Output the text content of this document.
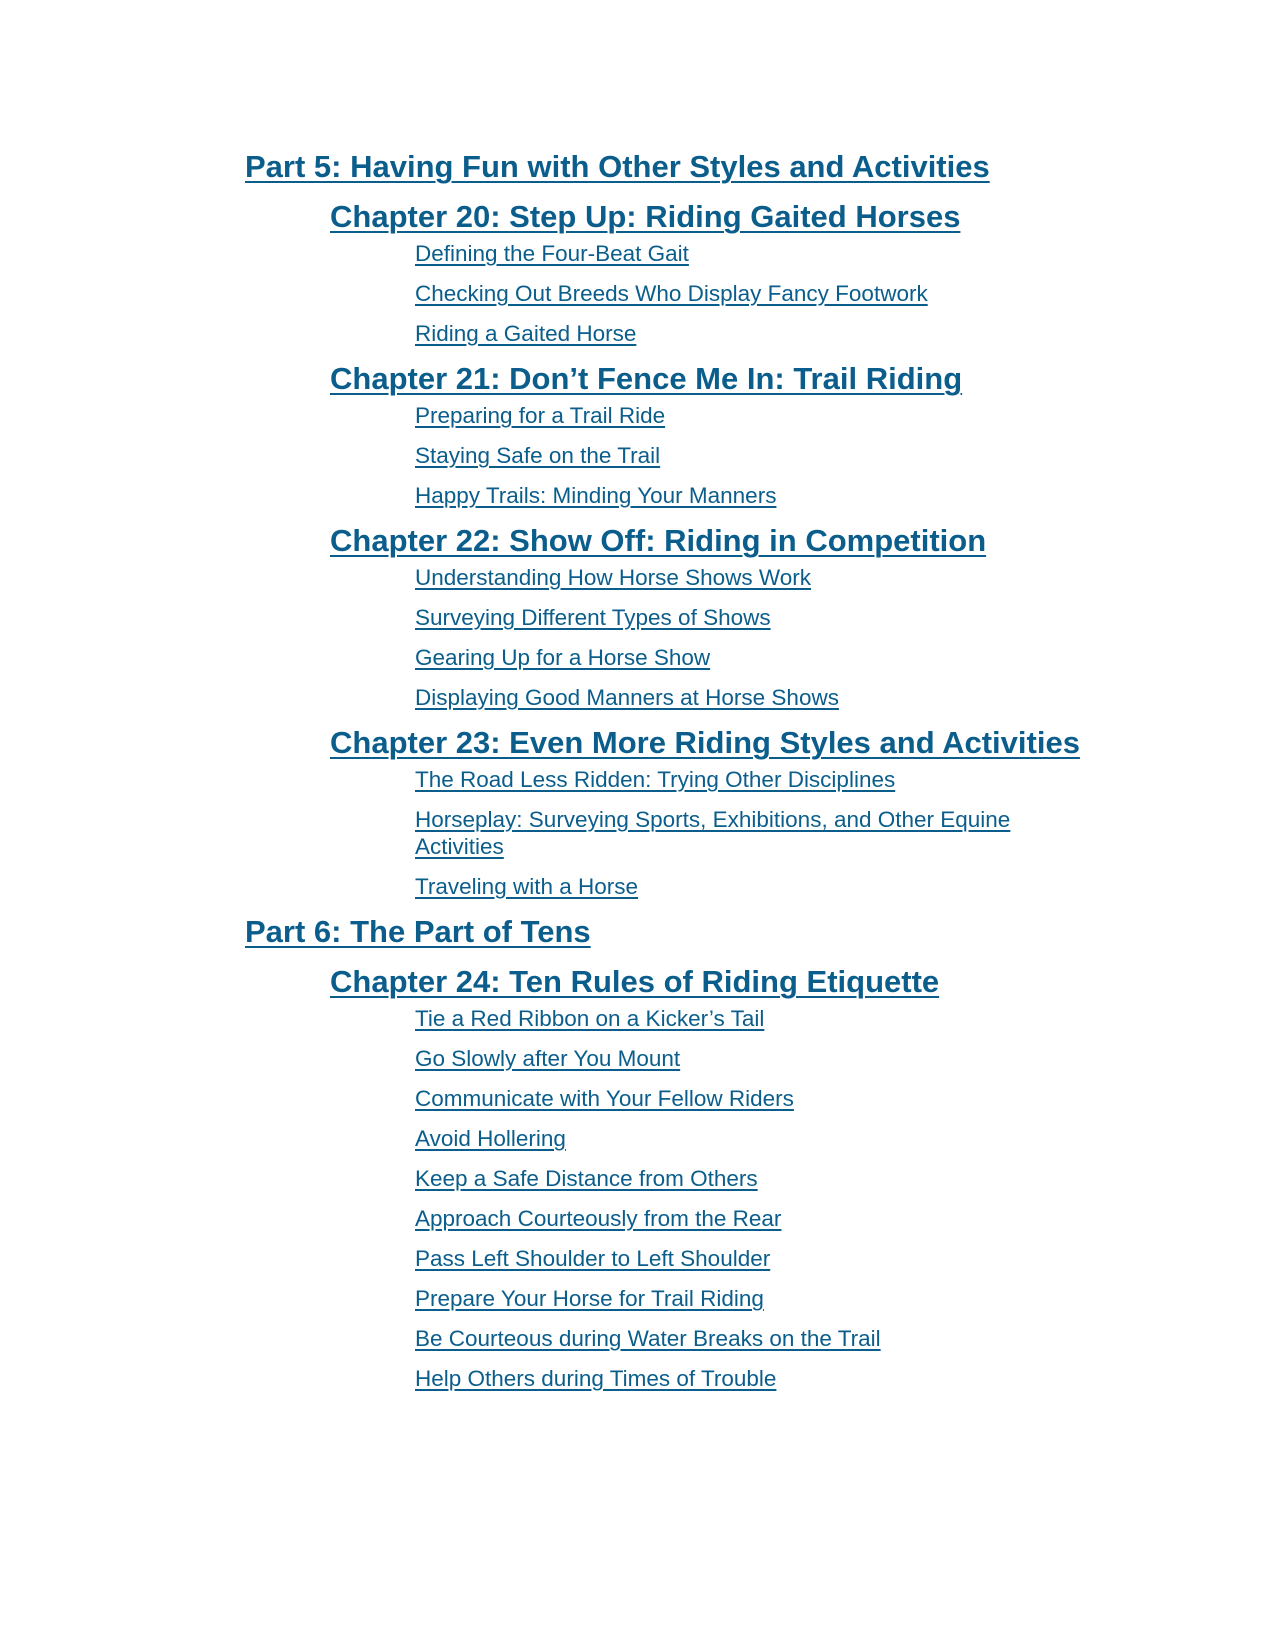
Part 5: Having Fun with Other Styles and Activities
Chapter 20: Step Up: Riding Gaited Horses
Defining the Four-Beat Gait
Checking Out Breeds Who Display Fancy Footwork
Riding a Gaited Horse
Chapter 21: Don’t Fence Me In: Trail Riding
Preparing for a Trail Ride
Staying Safe on the Trail
Happy Trails: Minding Your Manners
Chapter 22: Show Off: Riding in Competition
Understanding How Horse Shows Work
Surveying Different Types of Shows
Gearing Up for a Horse Show
Displaying Good Manners at Horse Shows
Chapter 23: Even More Riding Styles and Activities
The Road Less Ridden: Trying Other Disciplines
Horseplay: Surveying Sports, Exhibitions, and Other Equine Activities
Traveling with a Horse
Part 6: The Part of Tens
Chapter 24: Ten Rules of Riding Etiquette
Tie a Red Ribbon on a Kicker’s Tail
Go Slowly after You Mount
Communicate with Your Fellow Riders
Avoid Hollering
Keep a Safe Distance from Others
Approach Courteously from the Rear
Pass Left Shoulder to Left Shoulder
Prepare Your Horse for Trail Riding
Be Courteous during Water Breaks on the Trail
Help Others during Times of Trouble
